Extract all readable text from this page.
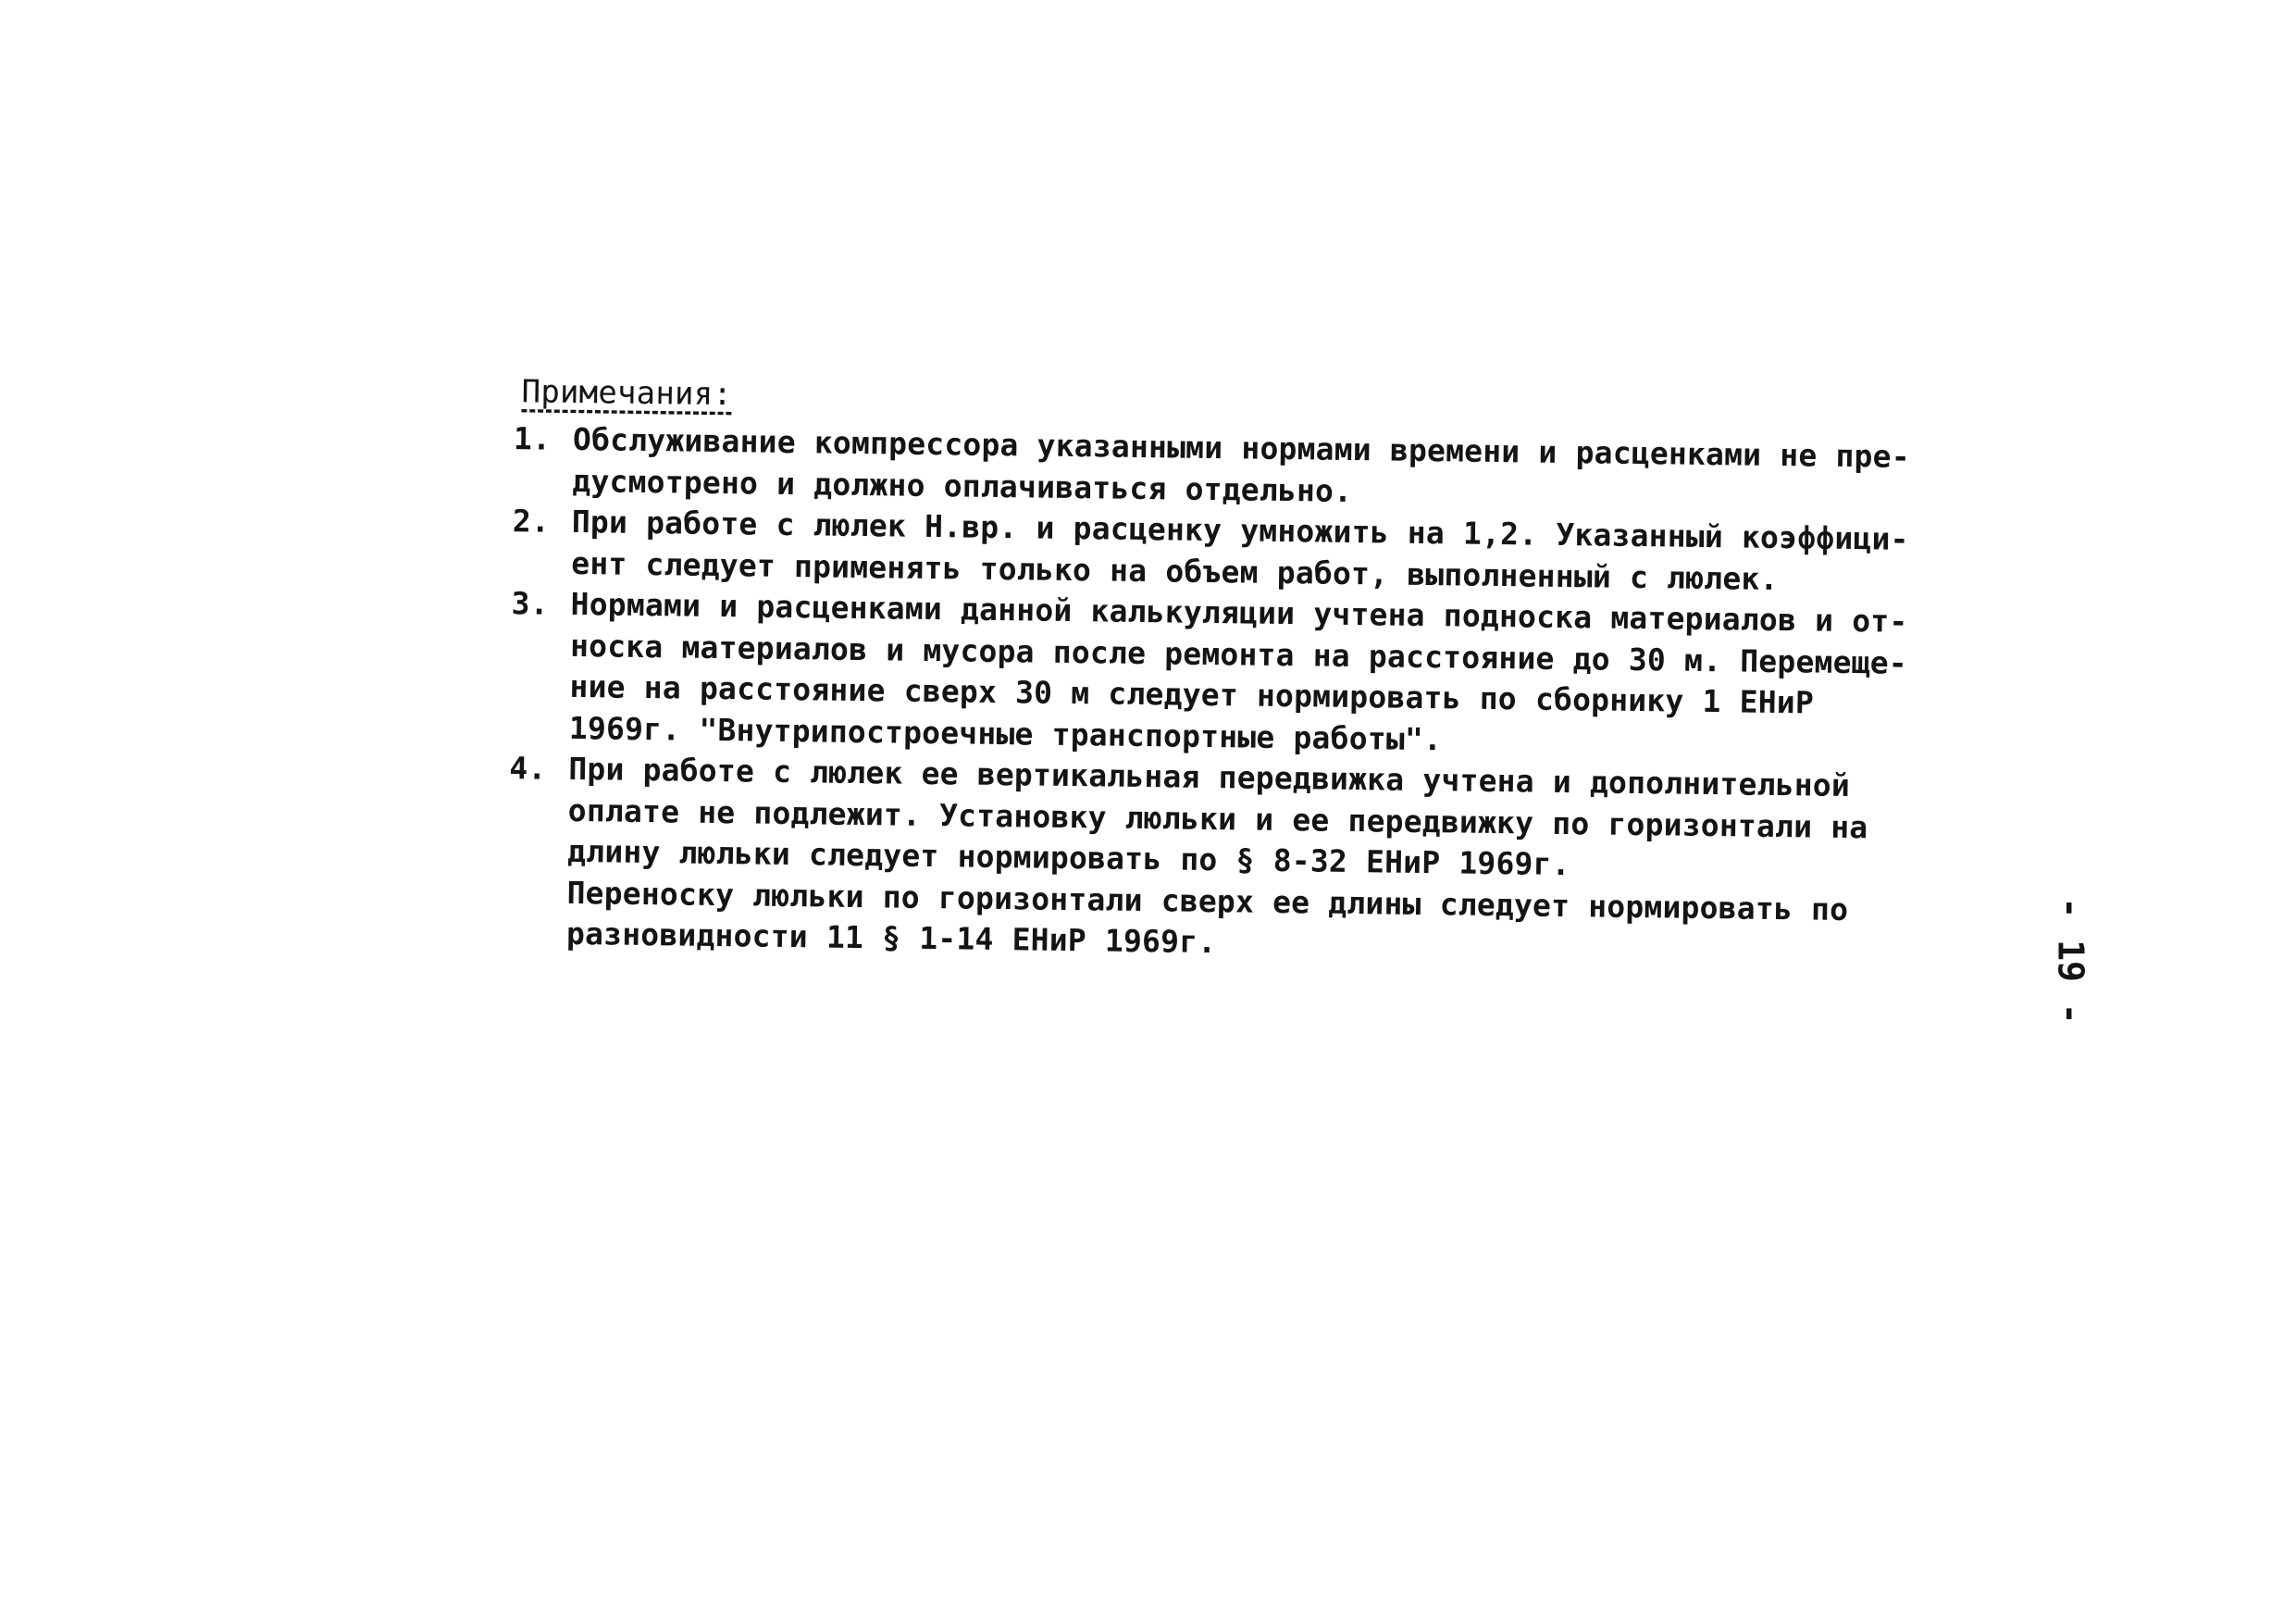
Примечания:
1. Обслуживание компрессора указанными нормами времени и расценками не пре-
дусмотрено и должно оплачиваться отдельно.
2. При работе с люлек Н.вр. и расценку умножить на 1,2. Указанный коэффици-
ент следует применять только на объем работ, выполненный с люлек.
3. Нормами и расценками данной калькуляции учтена подноска материалов и от-
носка материалов и мусора после ремонта на расстояние до 30 м. Перемеще-
ние на расстояние сверх 30 м следует нормировать по сборнику 1 ЕНиР
1969г. "Внутрипостроечные транспортные работы".
4. При работе с люлек ее вертикальная передвижка учтена и дополнительной
оплате не подлежит. Установку люльки и ее передвижку по горизонтали на
длину люльки следует нормировать по § 8-32 ЕНиР 1969г.
Переноску люльки по горизонтали сверх ее длины следует нормировать по
разновидности 11 § 1-14 ЕНиР 1969г.	- 19 -
